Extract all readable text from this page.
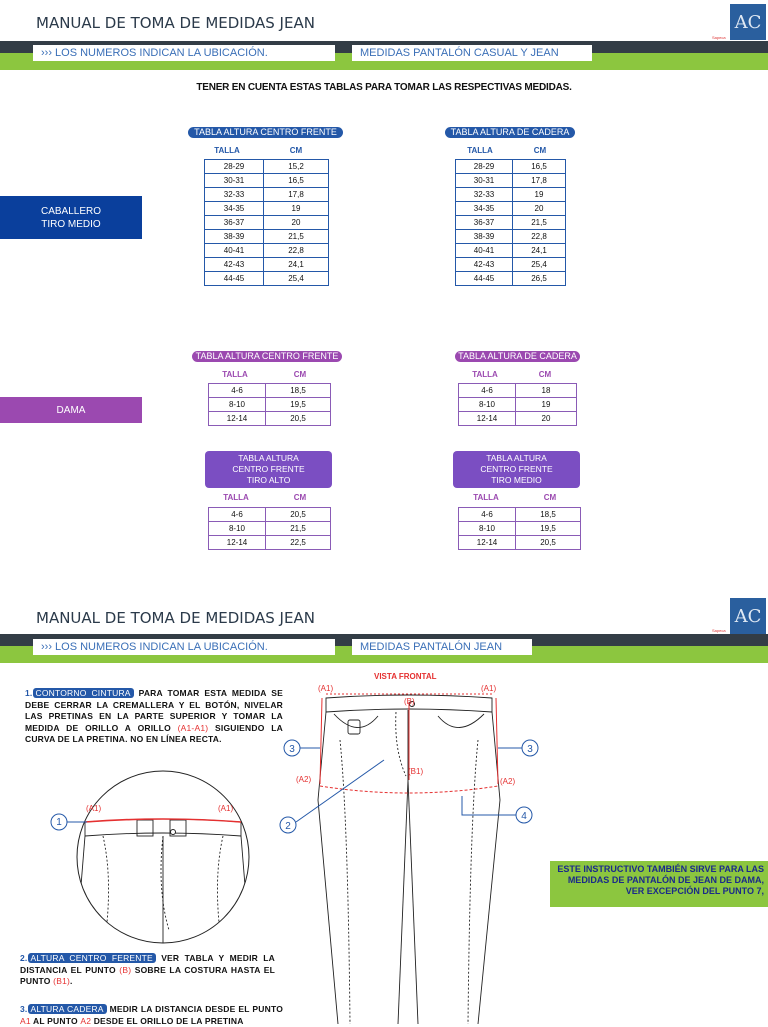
MANUAL DE TOMA DE MEDIDAS JEAN	AC
Sapeca
››› LOS NUMEROS INDICAN LA UBICACIÓN.	MEDIDAS PANTALÓN CASUAL Y JEAN
TENER EN CUENTA ESTAS TABLAS PARA TOMAR LAS RESPECTIVAS MEDIDAS.
CABALLERO
TIRO MEDIO
DAMA
TABLA ALTURA CENTRO FRENTE
TALLA	CM
28-29	15,2
30-31	16,5
32-33	17,8
34-35	19
36-37	20
38-39	21,5
40-41	22,8
42-43	24,1
44-45	25,4
TABLA ALTURA DE CADERA
TALLA	CM
28-29	16,5
30-31	17,8
32-33	19
34-35	20
36-37	21,5
38-39	22,8
40-41	24,1
42-43	25,4
44-45	26,5
TABLA ALTURA CENTRO FRENTE
TALLA	CM
4-6	18,5
8-10	19,5
12-14	20,5
TABLA ALTURA DE CADERA
TALLA	CM
4-6	18
8-10	19
12-14	20
TABLA ALTURA
CENTRO FRENTE
TIRO ALTO
TALLA	CM
4-6	20,5
8-10	21,5
12-14	22,5
TABLA ALTURA
CENTRO FRENTE
TIRO MEDIO
TALLA	CM
4-6	18,5
8-10	19,5
12-14	20,5
MANUAL DE TOMA DE MEDIDAS JEAN	AC
Sapeca
››› LOS NUMEROS INDICAN LA UBICACIÓN.	MEDIDAS PANTALÓN JEAN
1. CONTORNO CINTURA PARA TOMAR ESTA MEDIDA SE DEBE CERRAR LA CREMALLERA Y EL BOTÓN, NIVELAR LAS PRETINAS EN LA PARTE SUPERIOR Y TOMAR LA MEDIDA DE ORILLO A ORILLO (A1-A1) SIGUIENDO LA CURVA DE LA PRETINA. NO EN LÍNEA RECTA.
(A1)	(A1)
1
2. ALTURA CENTRO FERENTE VER TABLA Y MEDIR LA DISTANCIA EL PUNTO (B) SOBRE LA COSTURA HASTA EL PUNTO (B1).
3. ALTURA CADERA MEDIR LA DISTANCIA DESDE EL PUNTO A1 AL PUNTO A2 DESDE EL ORILLO DE LA PRETINA
VISTA FRONTAL
(A1)	(A1)
(B)
(B1)
(A2)	(A2)
3	3
2
4
ESTE INSTRUCTIVO TAMBIÉN SIRVE PARA LAS MEDIDAS DE PANTALÓN DE JEAN DE DAMA, VER EXCEPCIÓN DEL PUNTO 7,
